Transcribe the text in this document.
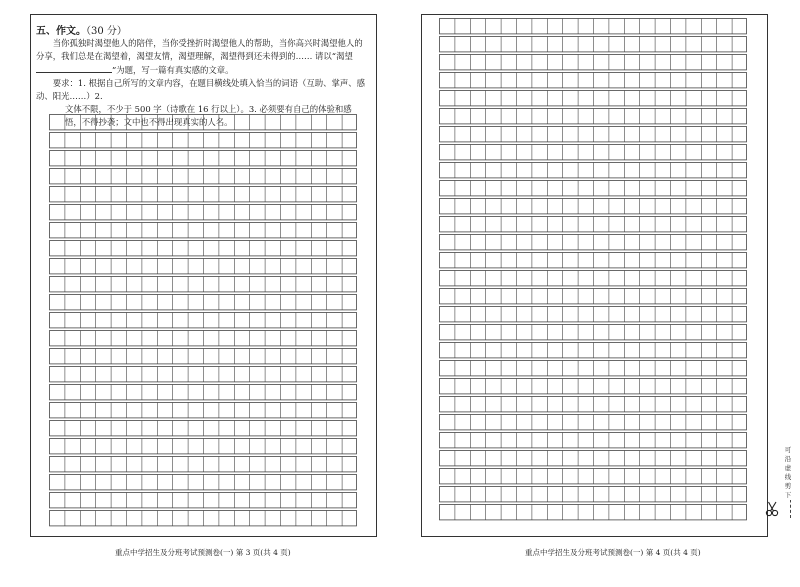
五、作文。（30 分）

当你孤独时渴望他人的陪伴，当你受挫折时渴望他人的帮助，当你高兴时渴望他人的分享，我们总是在渴望着，渴望友情，渴望理解，渴望得到还未得到的…… 请以“渴望”为题，写一篇有真实感的文章。

要求：1. 根据自己所写的文章内容，在题目横线处填入恰当的词语（互助、掌声、感动、阳光……）2.

文体不限，不少于 500 字（诗歌在 16 行以上）。3. 必须要有自己的体验和感悟，不得抄袭；文中也不得出现真实的人名。

重点中学招生及分班考试预测卷(一) 第 3 页(共 4 页)	重点中学招生及分班考试预测卷(一) 第 4 页(共 4 页)
可沿虚线剪下
